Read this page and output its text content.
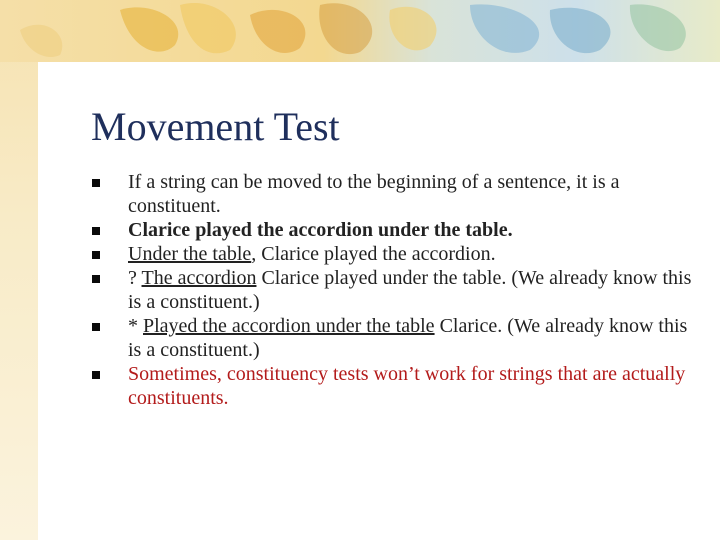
Movement Test
If a string can be moved to the beginning of a sentence, it is a constituent.
Clarice played the accordion under the table.
Under the table, Clarice played the accordion.
? The accordion Clarice played under the table. (We already know this is a constituent.)
* Played the accordion under the table Clarice. (We already know this is a constituent.)
Sometimes, constituency tests won’t work for strings that are actually constituents.
